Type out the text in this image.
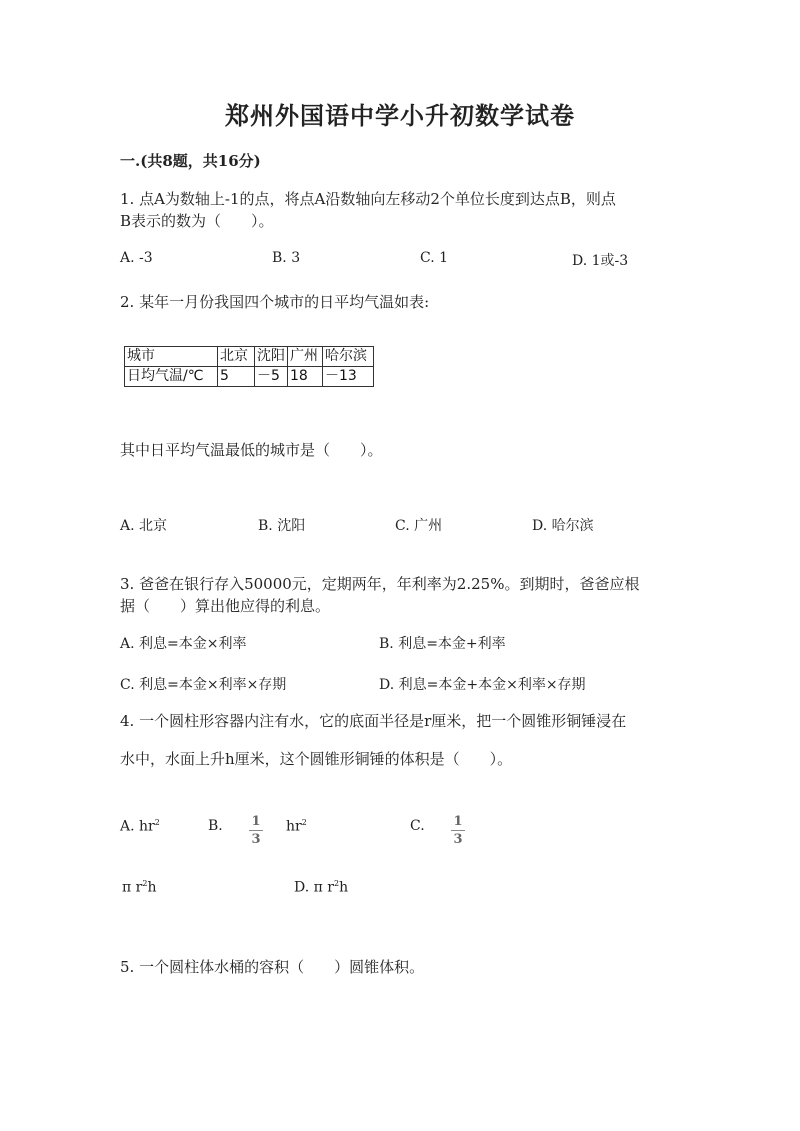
郑州外国语中学小升初数学试卷
一.(共8题，共16分)
1. 点A为数轴上-1的点，将点A沿数轴向左移动2个单位长度到达点B，则点
B表示的数为（　　）。
A. -3	B. 3	C. 1	D. 1或-3
2. 某年一月份我国四个城市的日平均气温如表:
城市	北京	沈阳	广州	哈尔滨
日均气温/℃	5	－5	18	－13
其中日平均气温最低的城市是（　　）。
A. 北京	B. 沈阳	C. 广州	D. 哈尔滨
3. 爸爸在银行存入50000元，定期两年，年利率为2.25%。到期时，爸爸应根
据（　　）算出他应得的利息。
A. 利息=本金×利率	B. 利息=本金+利率
C. 利息=本金×利率×存期	D. 利息=本金+本金×利率×存期
4. 一个圆柱形容器内注有水，它的底面半径是r厘米，把一个圆锥形铜锤浸在
水中，水面上升h厘米，这个圆锥形铜锤的体积是（　　）。
A. $hr^2$	B. 1
3
$hr^2$	C. 1
3
π $r^2h$	D. π $r^2h$
5. 一个圆柱体水桶的容积（　　）圆锥体积。
